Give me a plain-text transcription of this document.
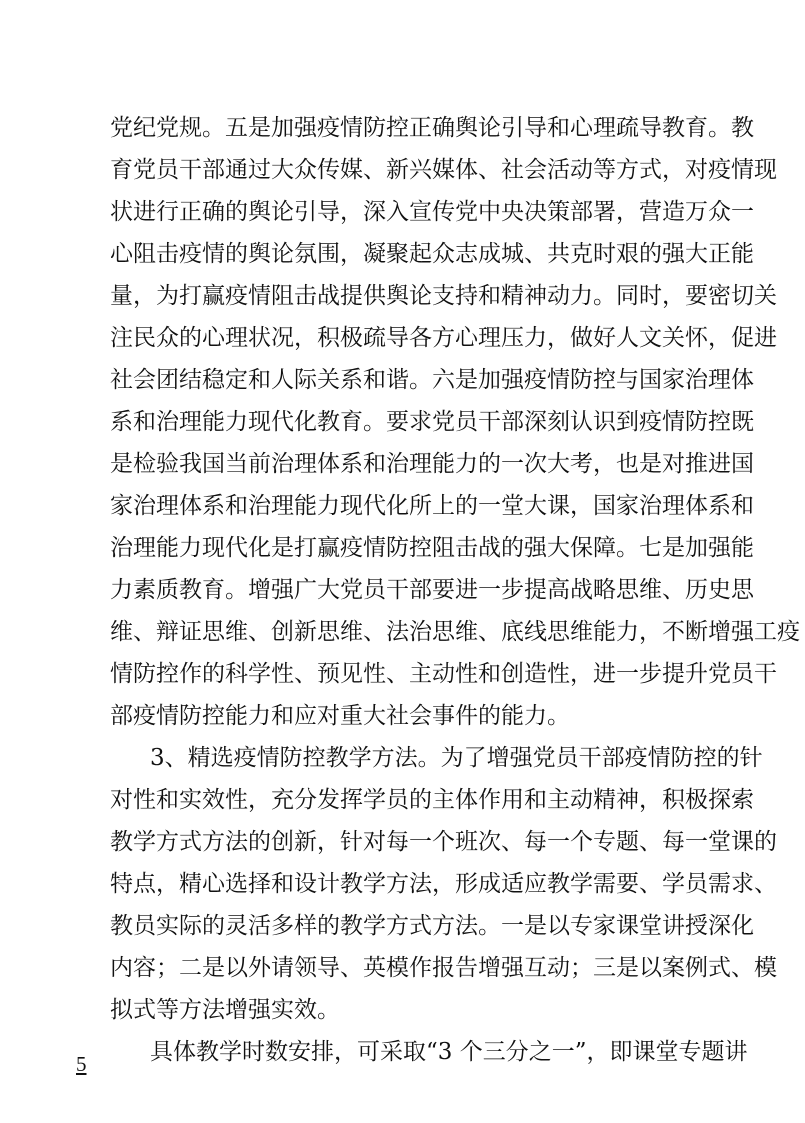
党纪党规。五是加强疫情防控正确舆论引导和心理疏导教育。教
育党员干部通过大众传媒、新兴媒体、社会活动等方式，对疫情现
状进行正确的舆论引导，深入宣传党中央决策部署，营造万众一
心阻击疫情的舆论氛围，凝聚起众志成城、共克时艰的强大正能
量，为打赢疫情阻击战提供舆论支持和精神动力。同时，要密切关
注民众的心理状况，积极疏导各方心理压力，做好人文关怀，促进
社会团结稳定和人际关系和谐。六是加强疫情防控与国家治理体
系和治理能力现代化教育。要求党员干部深刻认识到疫情防控既
是检验我国当前治理体系和治理能力的一次大考，也是对推进国
家治理体系和治理能力现代化所上的一堂大课，国家治理体系和
治理能力现代化是打赢疫情防控阻击战的强大保障。七是加强能
力素质教育。增强广大党员干部要进一步提高战略思维、历史思
维、辩证思维、创新思维、法治思维、底线思维能力，不断增强工疫
情防控作的科学性、预见性、主动性和创造性，进一步提升党员干
部疫情防控能力和应对重大社会事件的能力。
3、精选疫情防控教学方法。为了增强党员干部疫情防控的针
对性和实效性，充分发挥学员的主体作用和主动精神，积极探索
教学方式方法的创新，针对每一个班次、每一个专题、每一堂课的
特点，精心选择和设计教学方法，形成适应教学需要、学员需求、
教员实际的灵活多样的教学方式方法。一是以专家课堂讲授深化
内容；二是以外请领导、英模作报告增强互动；三是以案例式、模
拟式等方法增强实效。
具体教学时数安排，可采取“3 个三分之一”，即课堂专题讲
5
